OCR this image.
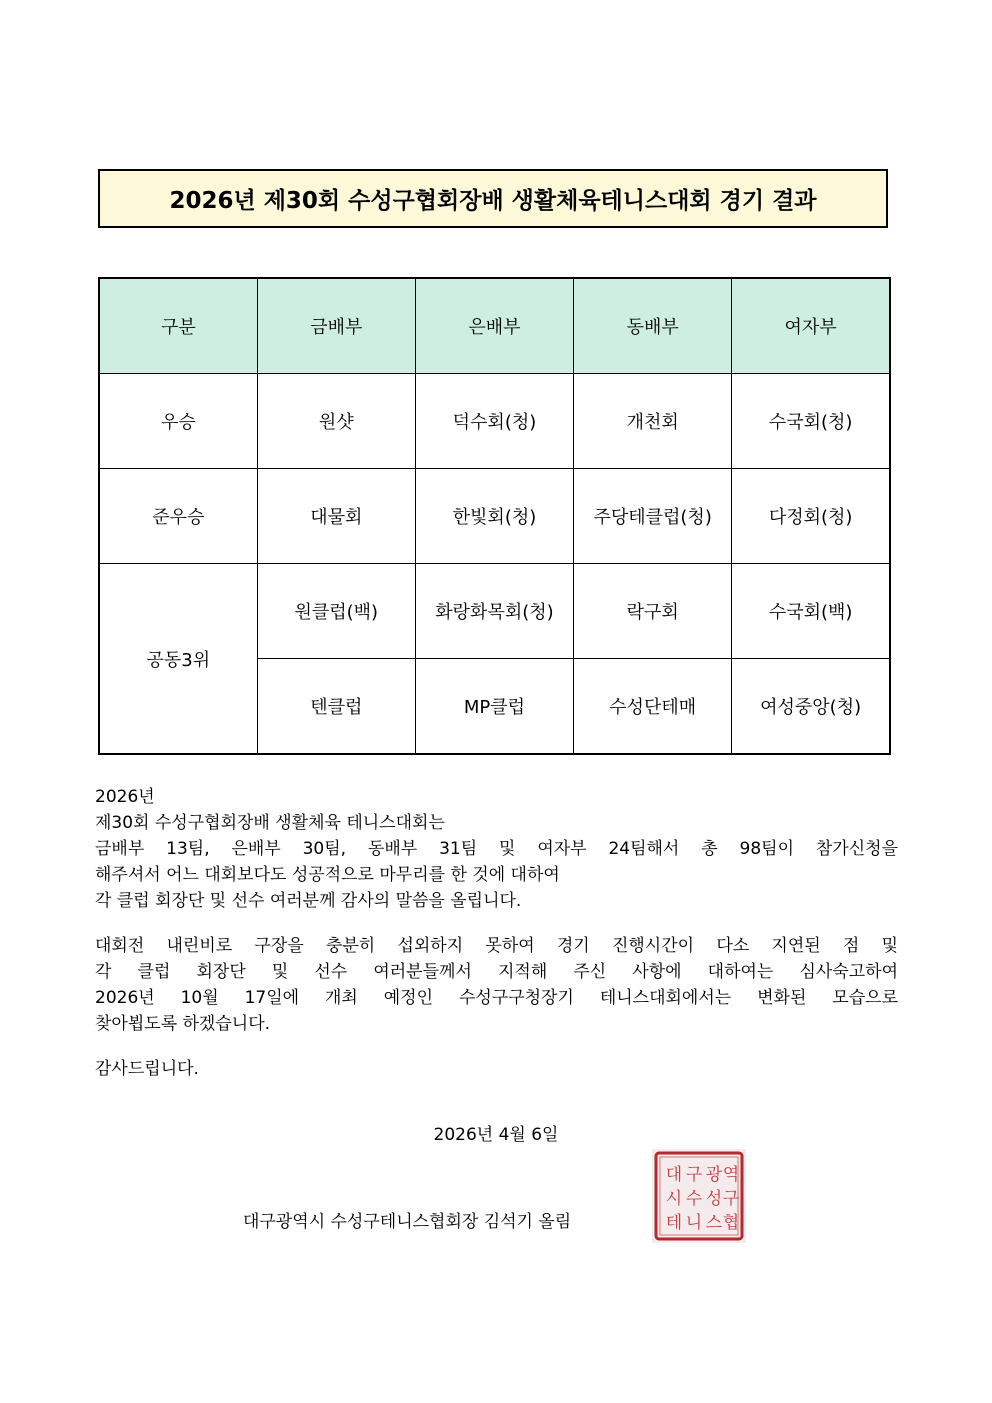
2026년 제30회 수성구협회장배 생활체육테니스대회 경기 결과
구분	금배부	은배부	동배부	여자부
우승	원샷	덕수회(청)	개천회	수국회(청)
준우승	대물회	한빛회(청)	주당테클럽(청)	다정회(청)
공동3위	원클럽(백)	화랑화목회(청)	락구회	수국회(백)
	텐클럽	MP클럽	수성단테매	여성중앙(청)

2026년

제30회 수성구협회장배 생활체육 테니스대회는

금배부 13팀, 은배부 30팀, 동배부 31팀 및 여자부 24팀해서 총 98팀이 참가신청을

해주셔서 어느 대회보다도 성공적으로 마무리를 한 것에 대하여

각 클럽 회장단 및 선수 여러분께 감사의 말씀을 올립니다.

대회전 내린비로 구장을 충분히 섭외하지 못하여 경기 진행시간이 다소 지연된 점 및

각 클럽 회장단 및 선수 여러분들께서 지적해 주신 사항에 대하여는 심사숙고하여

2026년 10월 17일에 개최 예정인 수성구구청장기 테니스대회에서는 변화된 모습으로

찾아뵙도록 하겠습니다.

감사드립니다.

2026년 4월 6일
대구광역시 수성구테니스협회장 김석기 올림
대 구 광 역
시 수 성 구
테 니 스 협
